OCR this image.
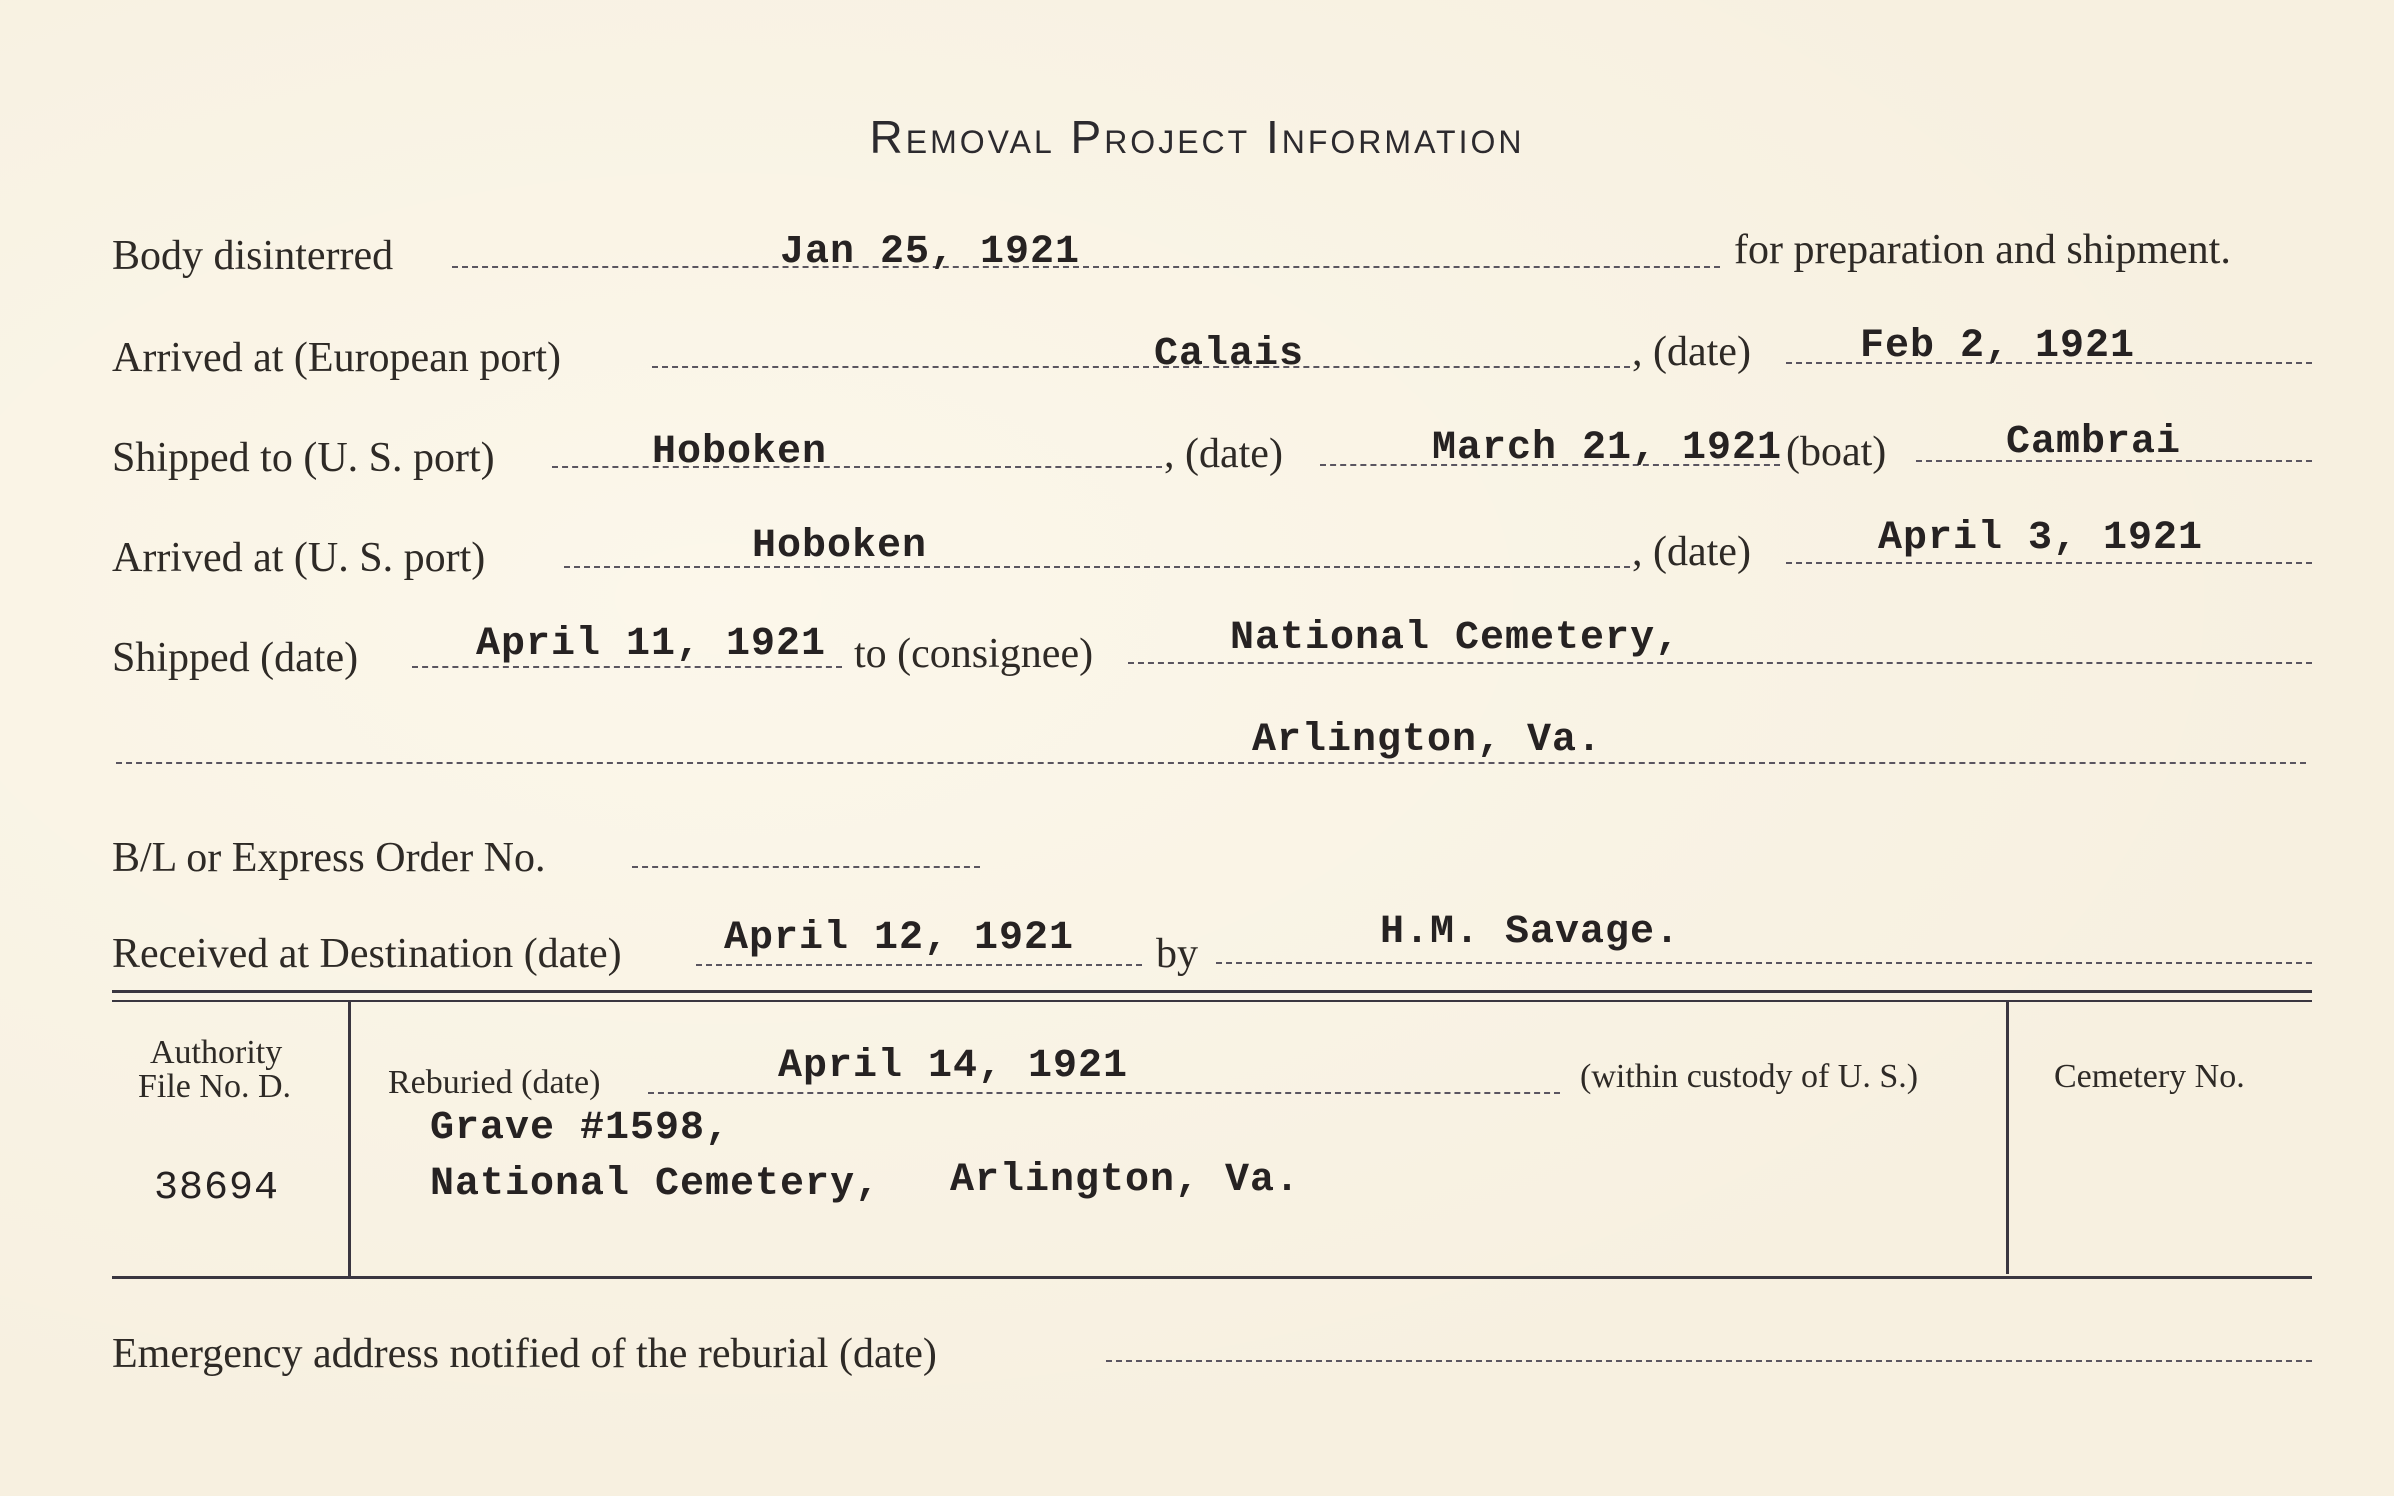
Removal Project Information
Body disinterred	Jan 25, 1921	for preparation and shipment.
Arrived at (European port)	Calais	, (date)	Feb 2, 1921
Shipped to (U. S. port)	Hoboken	, (date)	March 21, 1921 (boat)	Cambrai
Arrived at (U. S. port)	Hoboken	, (date)	April 3, 1921
Shipped (date)	April 11, 1921 to (consignee)	National Cemetery,
Arlington, Va.
B/L or Express Order No.
Received at Destination (date)	April 12, 1921 by	H.M. Savage.
Authority
File No. D.
38694
Reburied (date)	April 14, 1921	(within custody of U. S.)
Grave #1598,
National Cemetery, Arlington, Va.
Cemetery No.
Emergency address notified of the reburial (date)
